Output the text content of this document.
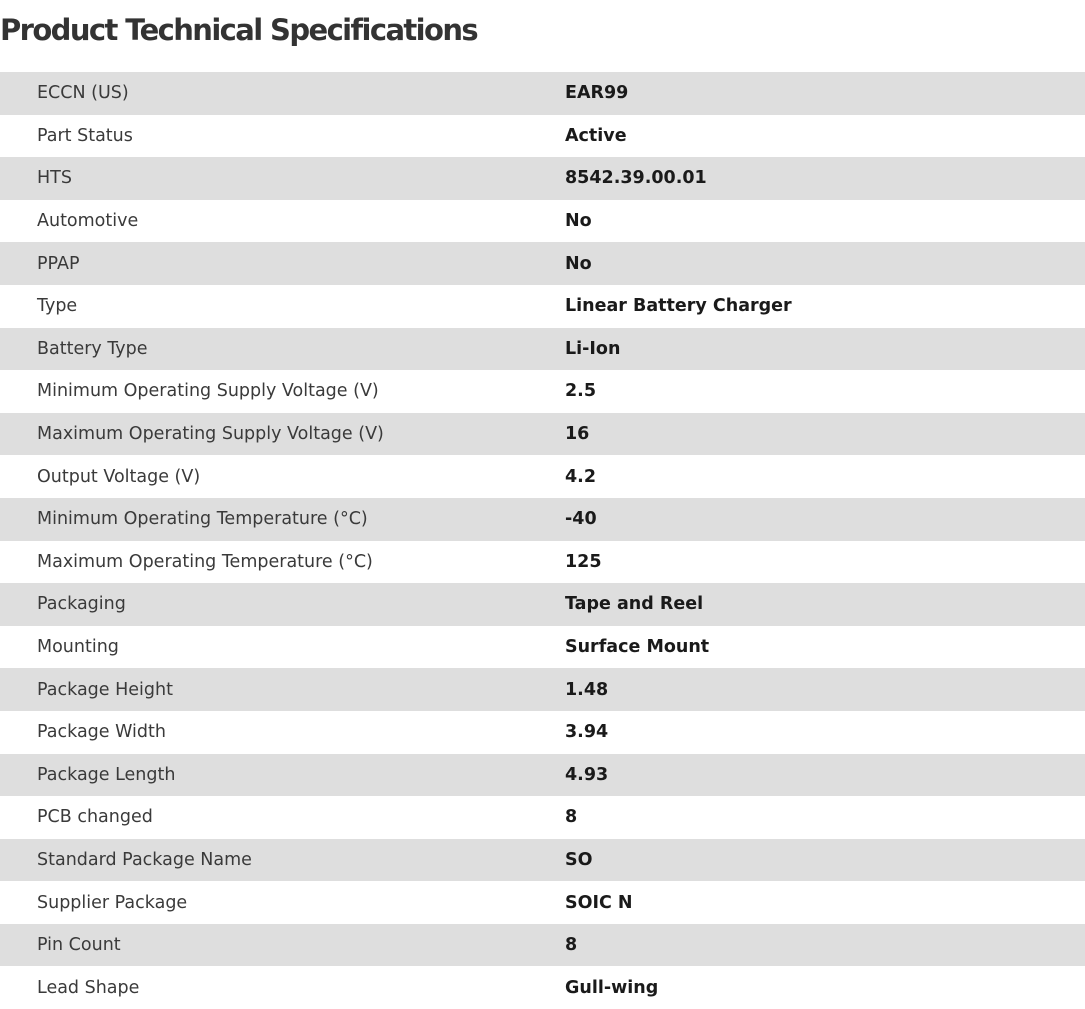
Product Technical Specifications
ECCN (US)	EAR99
Part Status	Active
HTS	8542.39.00.01
Automotive	No
PPAP	No
Type	Linear Battery Charger
Battery Type	Li-Ion
Minimum Operating Supply Voltage (V)	2.5
Maximum Operating Supply Voltage (V)	16
Output Voltage (V)	4.2
Minimum Operating Temperature (°C)	-40
Maximum Operating Temperature (°C)	125
Packaging	Tape and Reel
Mounting	Surface Mount
Package Height	1.48
Package Width	3.94
Package Length	4.93
PCB changed	8
Standard Package Name	SO
Supplier Package	SOIC N
Pin Count	8
Lead Shape	Gull-wing
